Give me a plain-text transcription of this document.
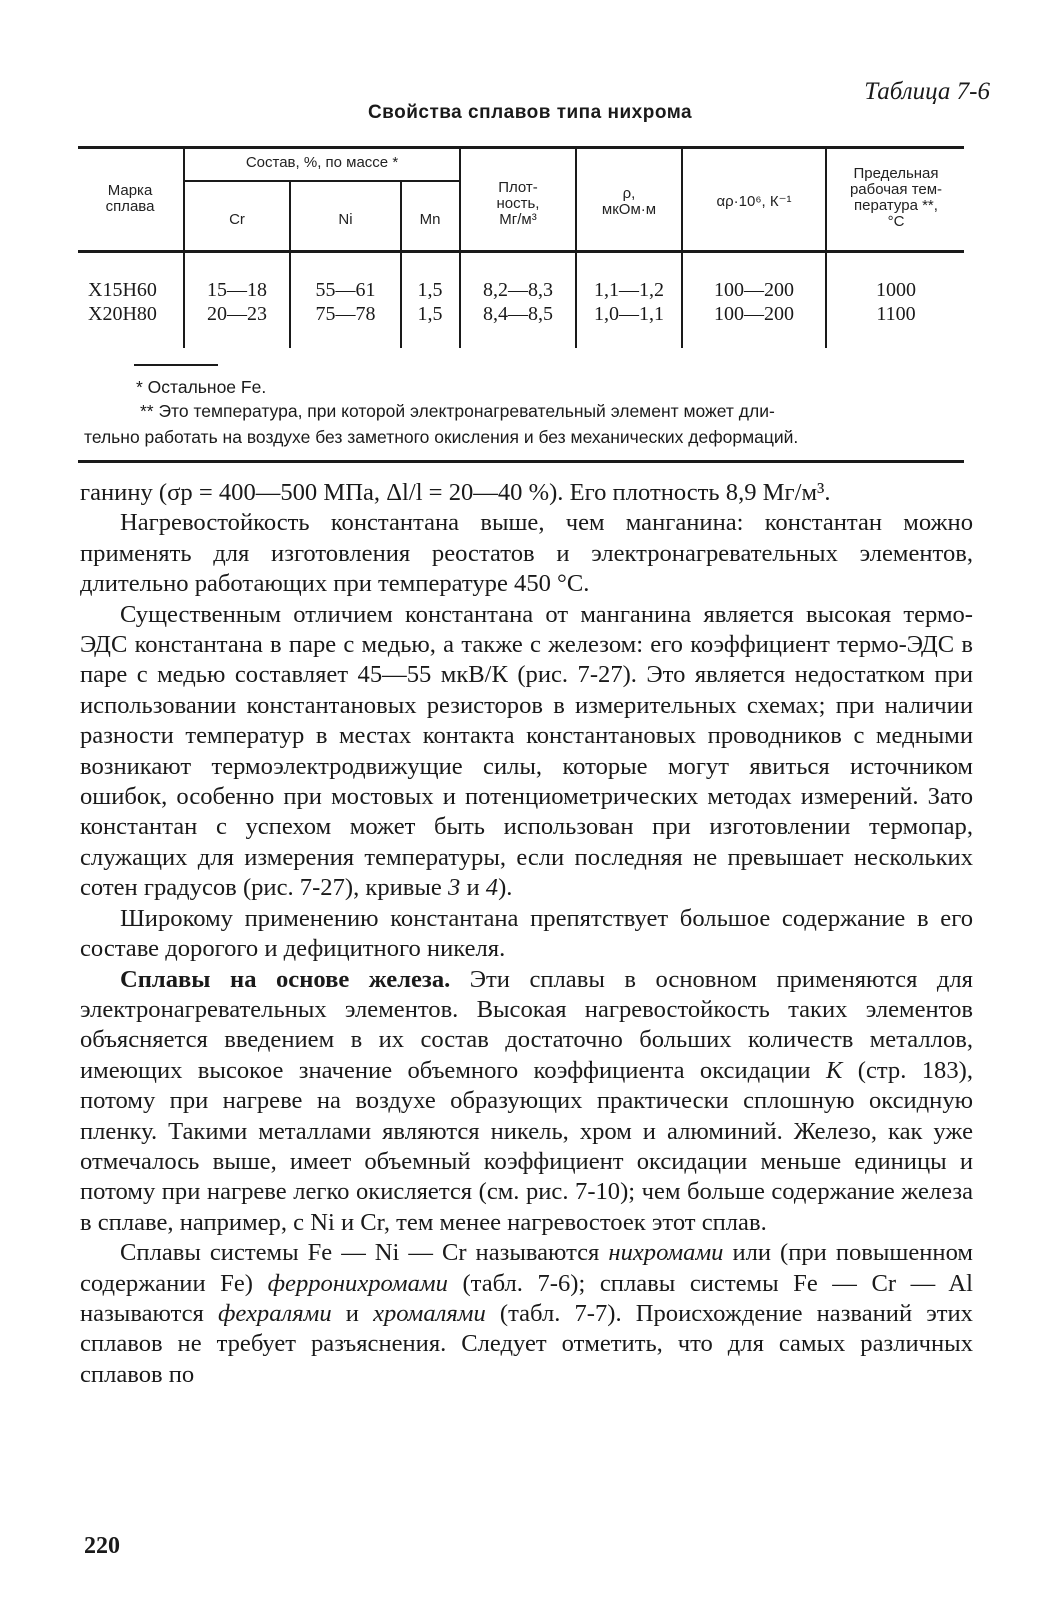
Таблица 7-6
Свойства сплавов типа нихрома
Марка
сплава
Состав, %, по массе *
Cr	Ni	Mn
Плот-
ность,
Мг/м³
ρ,
мкОм·м	αρ·10⁶, К⁻¹
Предельная
рабочая тем-
пература **,
°С
Х15Н60	15—18	55—61	1,5	8,2—8,3	1,1—1,2	100—200	1000
Х20Н80	20—23	75—78	1,5	8,4—8,5	1,0—1,1	100—200	1100
* Остальное Fe.
** Это температура, при которой электронагревательный элемент может дли-
тельно работать на воздухе без заметного окисления и без механических деформаций.

ганину (σр = 400—500 МПа, Δl/l = 20—40 %). Его плотность 8,9 Мг/м³.

Нагревостойкость константана выше, чем манганина: константан можно применять для изготовления реостатов и электронагревательных элементов, длительно работающих при температуре 450 °С.

Существенным отличием константана от манганина является высокая термо-ЭДС константана в паре с медью, а также с железом: его коэффициент термо-ЭДС в паре с медью составляет 45—55 мкВ/К (рис. 7-27). Это является недостатком при использовании константановых резисторов в измерительных схемах; при наличии разности температур в местах контакта константановых проводников с медными возникают термоэлектродвижущие силы, которые могут явиться источником ошибок, особенно при мостовых и потенциометрических методах измерений. Зато константан с успехом может быть использован при изготовлении термопар, служащих для измерения температуры, если последняя не превышает нескольких сотен градусов (рис. 7-27), кривые 3 и 4).

Широкому применению константана препятствует большое содержание в его составе дорогого и дефицитного никеля.

Сплавы на основе железа. Эти сплавы в основном применяются для электронагревательных элементов. Высокая нагревостойкость таких элементов объясняется введением в их состав достаточно больших количеств металлов, имеющих высокое значение объемного коэффициента оксидации K (стр. 183), потому при нагреве на воздухе образующих практически сплошную оксидную пленку. Такими металлами являются никель, хром и алюминий. Железо, как уже отмечалось выше, имеет объемный коэффициент оксидации меньше единицы и потому при нагреве легко окисляется (см. рис. 7-10); чем больше содержание железа в сплаве, например, с Ni и Cr, тем менее нагревостоек этот сплав.

Сплавы системы Fe — Ni — Cr называются нихромами или (при повышенном содержании Fe) ферронихромами (табл. 7-6); сплавы системы Fe — Cr — Al называются фехралями и хромалями (табл. 7-7). Происхождение названий этих сплавов не требует разъяснения. Следует отметить, что для самых различных сплавов по

220
